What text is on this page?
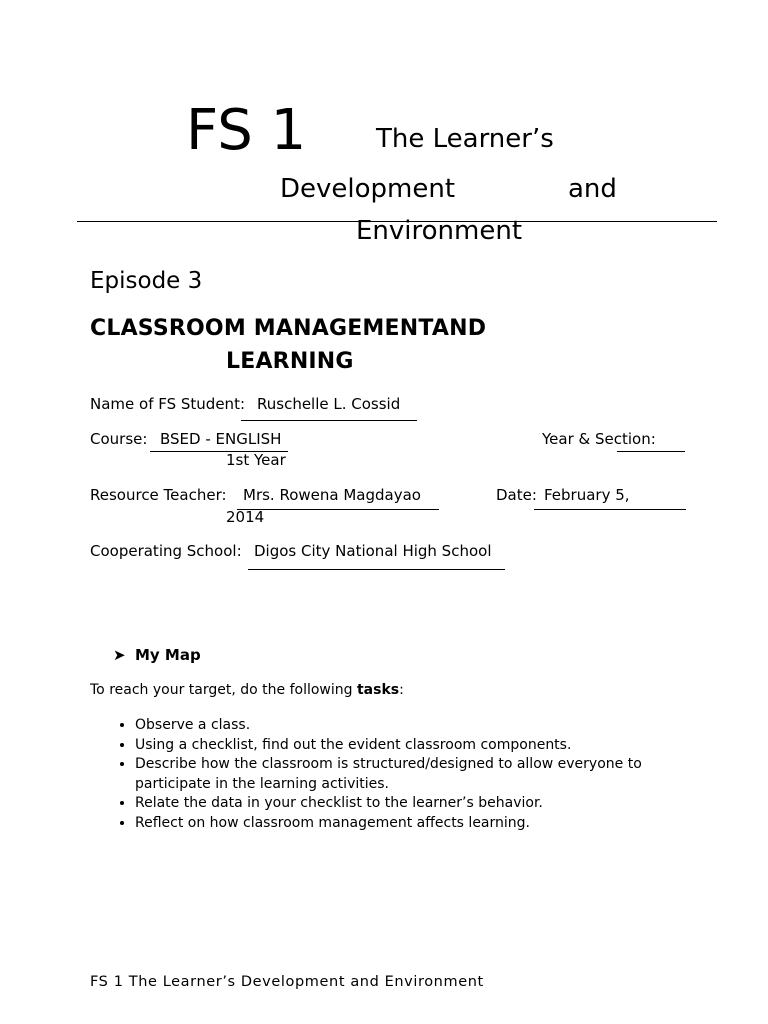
FS 1	The Learner’s
Development	and
Environment
Episode 3
CLASSROOM MANAGEMENTAND
LEARNING
Name of FS Student: Ruschelle L. Cossid
Course: BSED - ENGLISH	Year & Section:
1st Year
Resource Teacher: Mrs. Rowena Magdayao	Date: February 5,
2014
Cooperating School: Digos City National High School
➤ My Map
To reach your target, do the following tasks:
• Observe a class.
• Using a checklist, find out the evident classroom components.
• Describe how the classroom is structured/designed to allow everyone to participate in the learning activities.
• Relate the data in your checklist to the learner’s behavior.
• Reflect on how classroom management affects learning.
FS 1 The Learner’s Development and Environment
